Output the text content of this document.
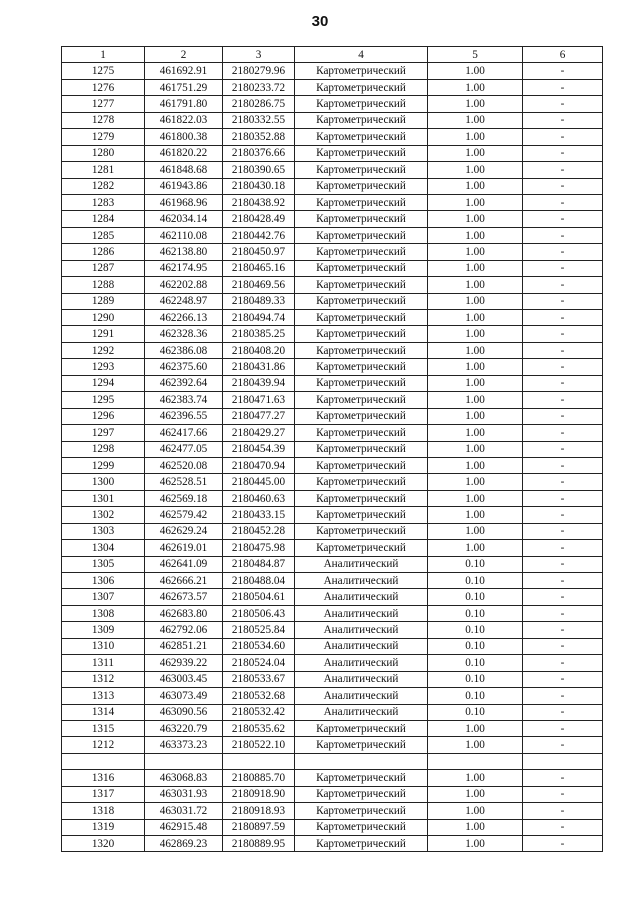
30
1	2	3	4	5	6
1275	461692.91	2180279.96	Картометрический	1.00	-
1276	461751.29	2180233.72	Картометрический	1.00	-
1277	461791.80	2180286.75	Картометрический	1.00	-
1278	461822.03	2180332.55	Картометрический	1.00	-
1279	461800.38	2180352.88	Картометрический	1.00	-
1280	461820.22	2180376.66	Картометрический	1.00	-
1281	461848.68	2180390.65	Картометрический	1.00	-
1282	461943.86	2180430.18	Картометрический	1.00	-
1283	461968.96	2180438.92	Картометрический	1.00	-
1284	462034.14	2180428.49	Картометрический	1.00	-
1285	462110.08	2180442.76	Картометрический	1.00	-
1286	462138.80	2180450.97	Картометрический	1.00	-
1287	462174.95	2180465.16	Картометрический	1.00	-
1288	462202.88	2180469.56	Картометрический	1.00	-
1289	462248.97	2180489.33	Картометрический	1.00	-
1290	462266.13	2180494.74	Картометрический	1.00	-
1291	462328.36	2180385.25	Картометрический	1.00	-
1292	462386.08	2180408.20	Картометрический	1.00	-
1293	462375.60	2180431.86	Картометрический	1.00	-
1294	462392.64	2180439.94	Картометрический	1.00	-
1295	462383.74	2180471.63	Картометрический	1.00	-
1296	462396.55	2180477.27	Картометрический	1.00	-
1297	462417.66	2180429.27	Картометрический	1.00	-
1298	462477.05	2180454.39	Картометрический	1.00	-
1299	462520.08	2180470.94	Картометрический	1.00	-
1300	462528.51	2180445.00	Картометрический	1.00	-
1301	462569.18	2180460.63	Картометрический	1.00	-
1302	462579.42	2180433.15	Картометрический	1.00	-
1303	462629.24	2180452.28	Картометрический	1.00	-
1304	462619.01	2180475.98	Картометрический	1.00	-
1305	462641.09	2180484.87	Аналитический	0.10	-
1306	462666.21	2180488.04	Аналитический	0.10	-
1307	462673.57	2180504.61	Аналитический	0.10	-
1308	462683.80	2180506.43	Аналитический	0.10	-
1309	462792.06	2180525.84	Аналитический	0.10	-
1310	462851.21	2180534.60	Аналитический	0.10	-
1311	462939.22	2180524.04	Аналитический	0.10	-
1312	463003.45	2180533.67	Аналитический	0.10	-
1313	463073.49	2180532.68	Аналитический	0.10	-
1314	463090.56	2180532.42	Аналитический	0.10	-
1315	463220.79	2180535.62	Картометрический	1.00	-
1212	463373.23	2180522.10	Картометрический	1.00	-

1316	463068.83	2180885.70	Картометрический	1.00	-
1317	463031.93	2180918.90	Картометрический	1.00	-
1318	463031.72	2180918.93	Картометрический	1.00	-
1319	462915.48	2180897.59	Картометрический	1.00	-
1320	462869.23	2180889.95	Картометрический	1.00	-
